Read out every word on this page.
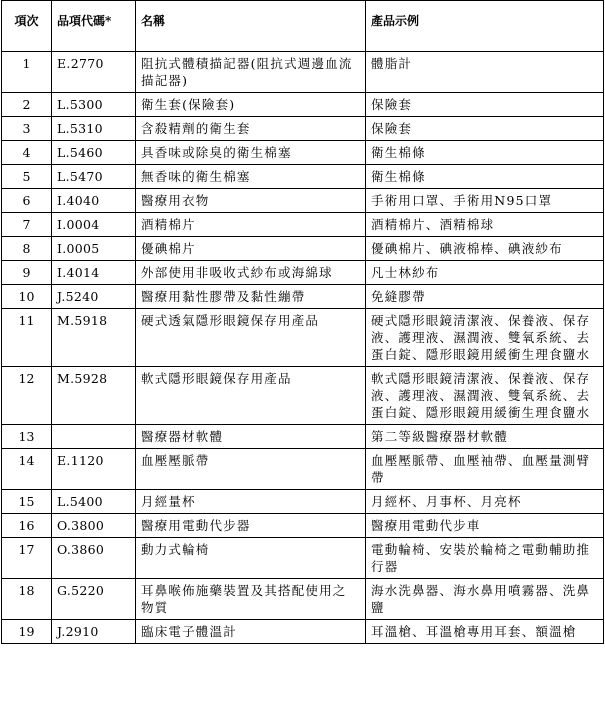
項次	品項代碼*	名稱	產品示例
1	E.2770	阻抗式體積描記器(阻抗式週邊血流描記器)	體脂計
2	L.5300	衛生套(保險套)	保險套
3	L.5310	含殺精劑的衛生套	保險套
4	L.5460	具香味或除臭的衛生棉塞	衛生棉條
5	L.5470	無香味的衛生棉塞	衛生棉條
6	I.4040	醫療用衣物	手術用口罩、手術用N95口罩
7	I.0004	酒精棉片	酒精棉片、酒精棉球
8	I.0005	優碘棉片	優碘棉片、碘液棉棒、碘液紗布
9	I.4014	外部使用非吸收式紗布或海綿球	凡士林紗布
10	J.5240	醫療用黏性膠帶及黏性繃帶	免縫膠帶
11	M.5918	硬式透氣隱形眼鏡保存用產品	硬式隱形眼鏡清潔液、保養液、保存液、護理液、濕潤液、雙氧系統、去蛋白錠、隱形眼鏡用緩衝生理食鹽水
12	M.5928	軟式隱形眼鏡保存用產品	軟式隱形眼鏡清潔液、保養液、保存液、護理液、濕潤液、雙氧系統、去蛋白錠、隱形眼鏡用緩衝生理食鹽水
13		醫療器材軟體	第二等級醫療器材軟體
14	E.1120	血壓壓脈帶	血壓壓脈帶、血壓袖帶、血壓量測臂帶
15	L.5400	月經量杯	月經杯、月事杯、月亮杯
16	O.3800	醫療用電動代步器	醫療用電動代步車
17	O.3860	動力式輪椅	電動輪椅、安裝於輪椅之電動輔助推行器
18	G.5220	耳鼻喉佈施藥裝置及其搭配使用之物質	海水洗鼻器、海水鼻用噴霧器、洗鼻鹽
19	J.2910	臨床電子體溫計	耳溫槍、耳溫槍專用耳套、額溫槍
